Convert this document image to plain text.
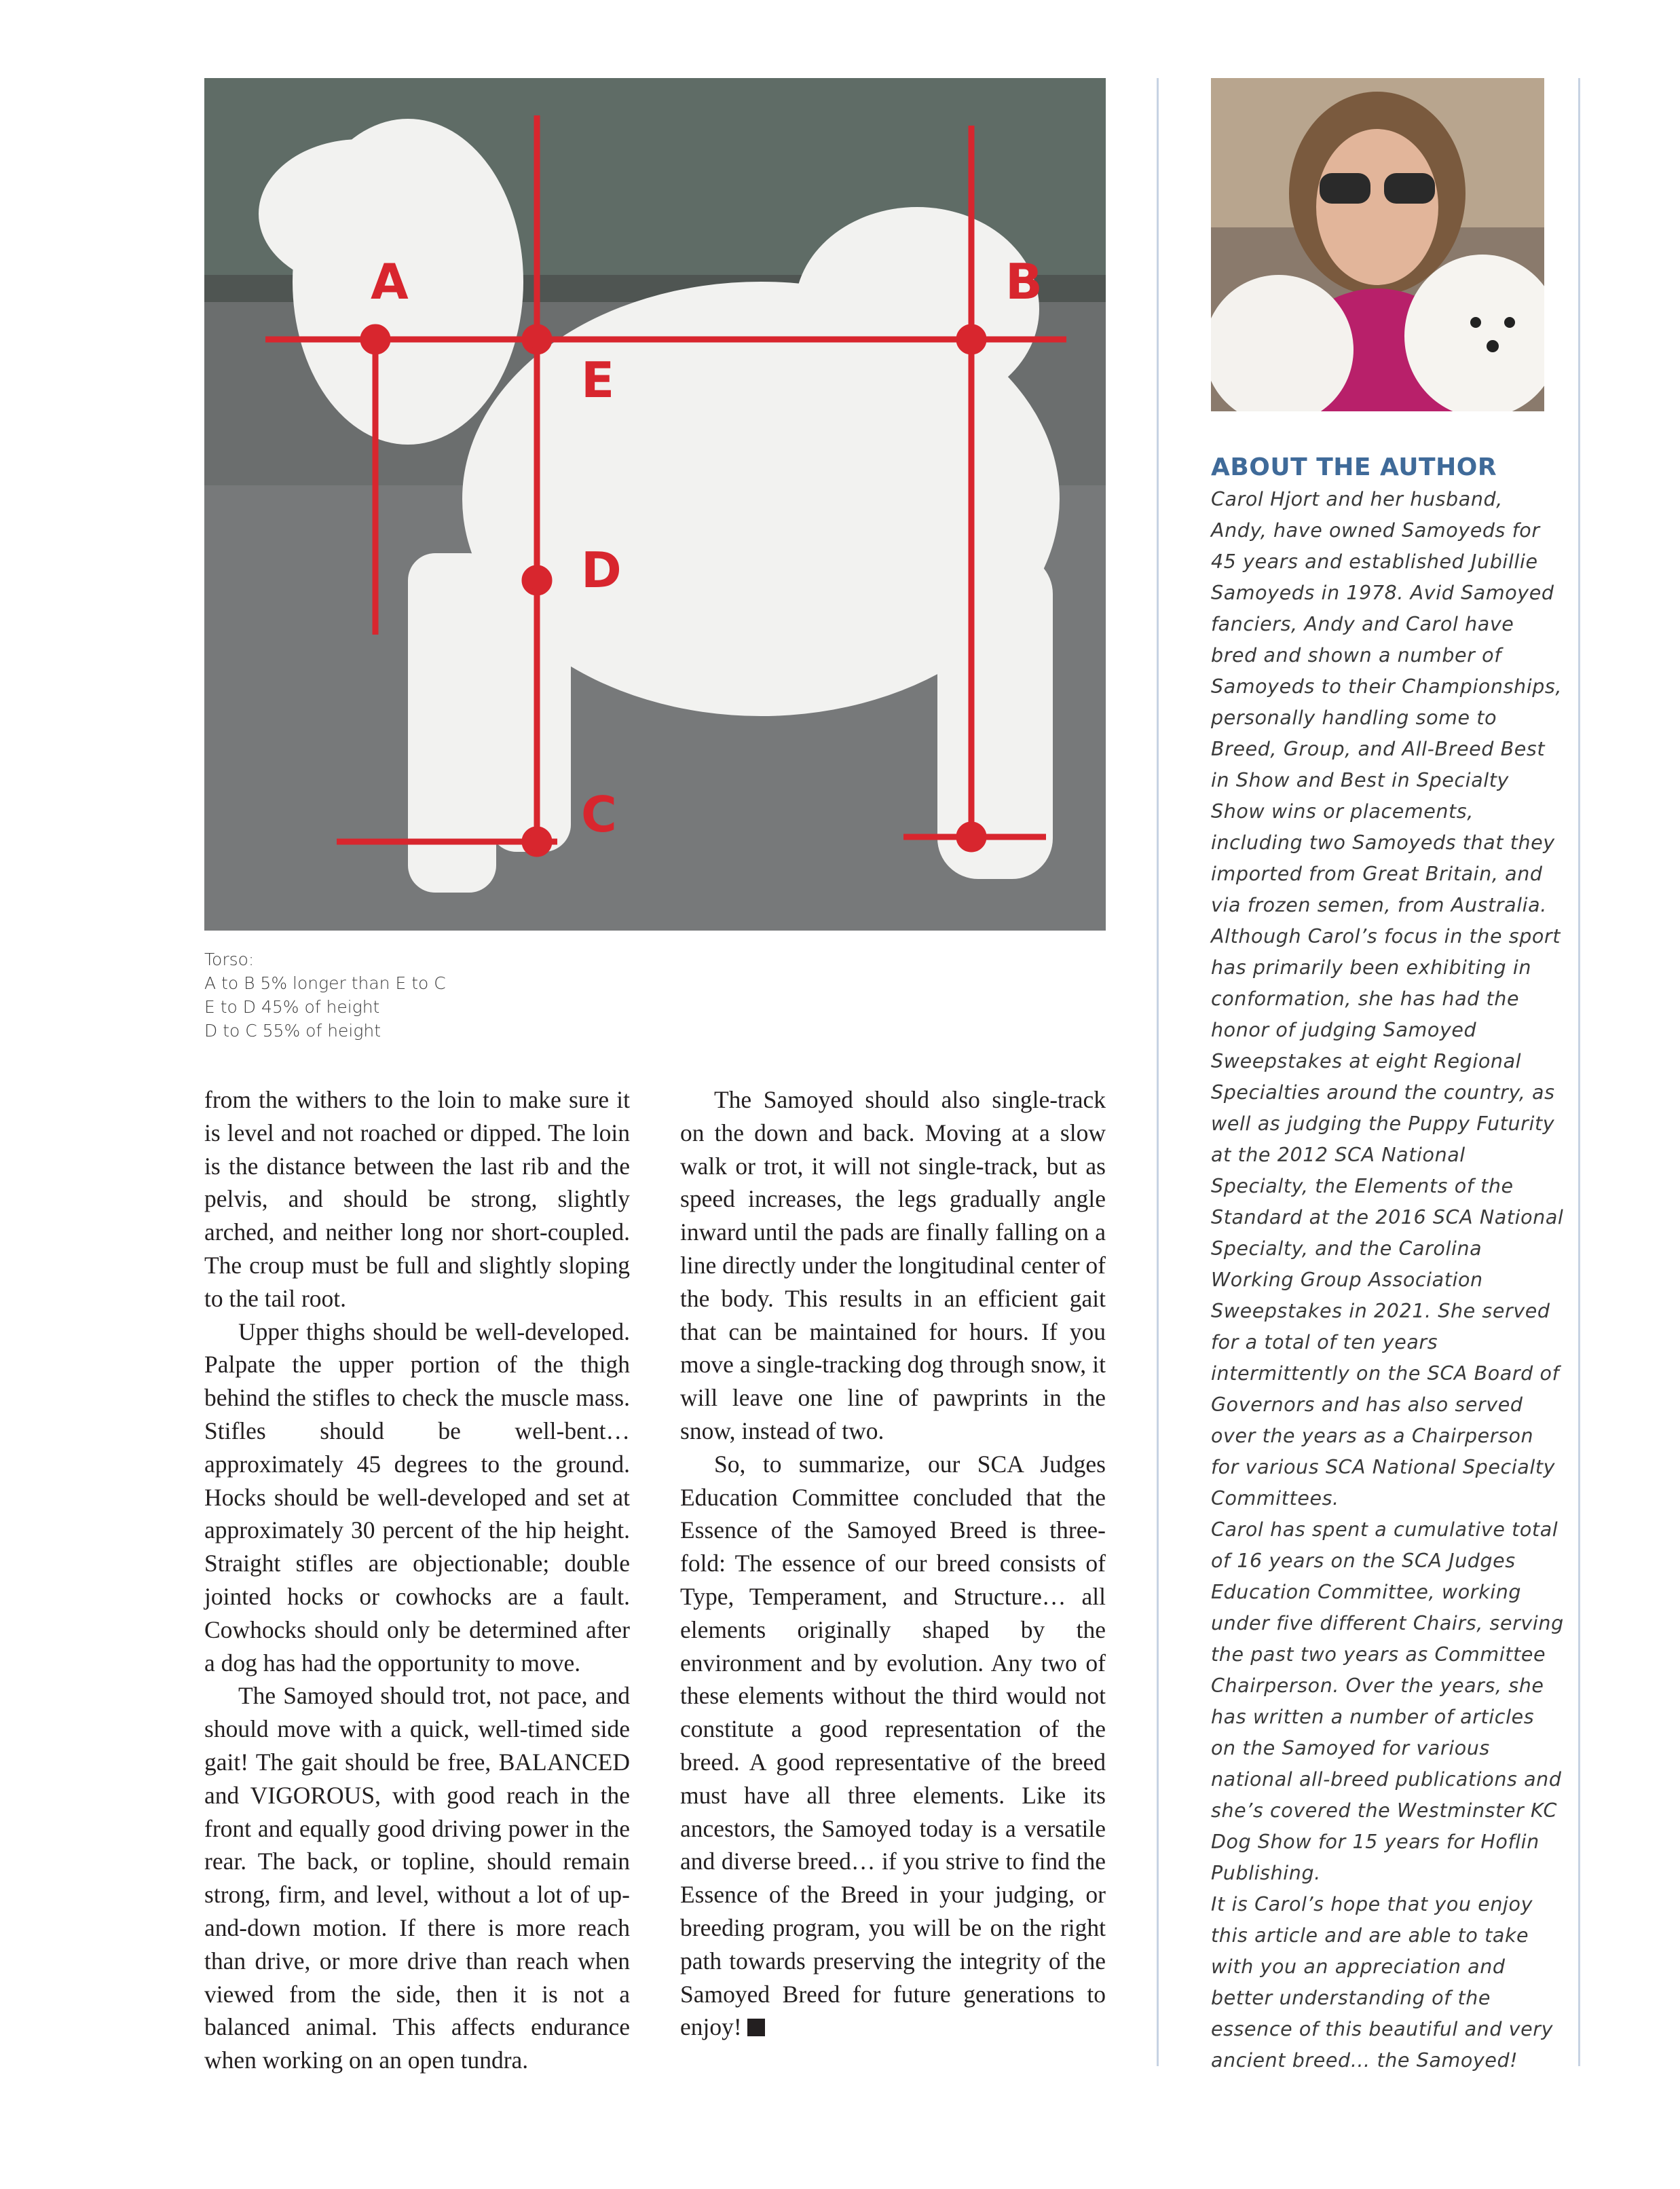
A	B
C
D
E
Torso:
A to B 5% longer than E to C
E to D 45% of height
D to C 55% of height

from the withers to the loin to make sure it is level and not roached or dipped. The loin is the distance between the last rib and the pelvis, and should be strong, slightly arched, and neither long nor short-coupled. The croup must be full and slightly sloping to the tail root.

Upper thighs should be well-developed. Palpate the upper portion of the thigh behind the stifles to check the muscle mass. Stifles should be well-bent… approximately 45 degrees to the ground. Hocks should be well-developed and set at approximately 30 percent of the hip height. Straight stifles are objectionable; double jointed hocks or cowhocks are a fault. Cowhocks should only be determined after a dog has had the opportunity to move.

The Samoyed should trot, not pace, and should move with a quick, well-timed side gait! The gait should be free, BALANCED and VIGOROUS, with good reach in the front and equally good driving power in the rear. The back, or topline, should remain strong, firm, and level, without a lot of up-and-down motion. If there is more reach than drive, or more drive than reach when viewed from the side, then it is not a balanced animal. This affects endurance when working on an open tundra.

The Samoyed should also single-track on the down and back. Moving at a slow walk or trot, it will not single-track, but as speed increases, the legs gradually angle inward until the pads are finally falling on a line directly under the longitudinal center of the body. This results in an efficient gait that can be maintained for hours. If you move a single-tracking dog through snow, it will leave one line of pawprints in the snow, instead of two.

So, to summarize, our SCA Judges Education Committee concluded that the Essence of the Samoyed Breed is three-fold: The essence of our breed consists of Type, Temperament, and Structure… all elements originally shaped by the environment and by evolution. Any two of these elements without the third would not constitute a good representation of the breed. A good representative of the breed must have all three elements. Like its ancestors, the Samoyed today is a versatile and diverse breed… if you strive to find the Essence of the Breed in your judging, or breeding program, you will be on the right path towards preserving the integrity of the Samoyed Breed for future generations to enjoy!

ABOUT THE AUTHOR

Carol Hjort and her husband, Andy, have owned Samoyeds for 45 years and established Jubillie Samoyeds in 1978. Avid Samoyed fanciers, Andy and Carol have bred and shown a number of Samoyeds to their Championships, personally handling some to Breed, Group, and All-Breed Best in Show and Best in Specialty Show wins or placements, including two Samoyeds that they imported from Great Britain, and via frozen semen, from Australia.

Although Carol’s focus in the sport has primarily been exhibiting in conformation, she has had the honor of judging Samoyed Sweepstakes at eight Regional Specialties around the country, as well as judging the Puppy Futurity at the 2012 SCA National Specialty, the Elements of the Standard at the 2016 SCA National Specialty, and the Carolina Working Group Association Sweepstakes in 2021. She served for a total of ten years intermittently on the SCA Board of Governors and has also served over the years as a Chairperson for various SCA National Specialty Committees.

Carol has spent a cumulative total of 16 years on the SCA Judges Education Committee, working under five different Chairs, serving the past two years as Committee Chairperson. Over the years, she has written a number of articles on the Samoyed for various national all-breed publications and she’s covered the Westminster KC Dog Show for 15 years for Hoflin Publishing.

It is Carol’s hope that you enjoy this article and are able to take with you an appreciation and better understanding of the essence of this beautiful and very ancient breed… the Samoyed!
